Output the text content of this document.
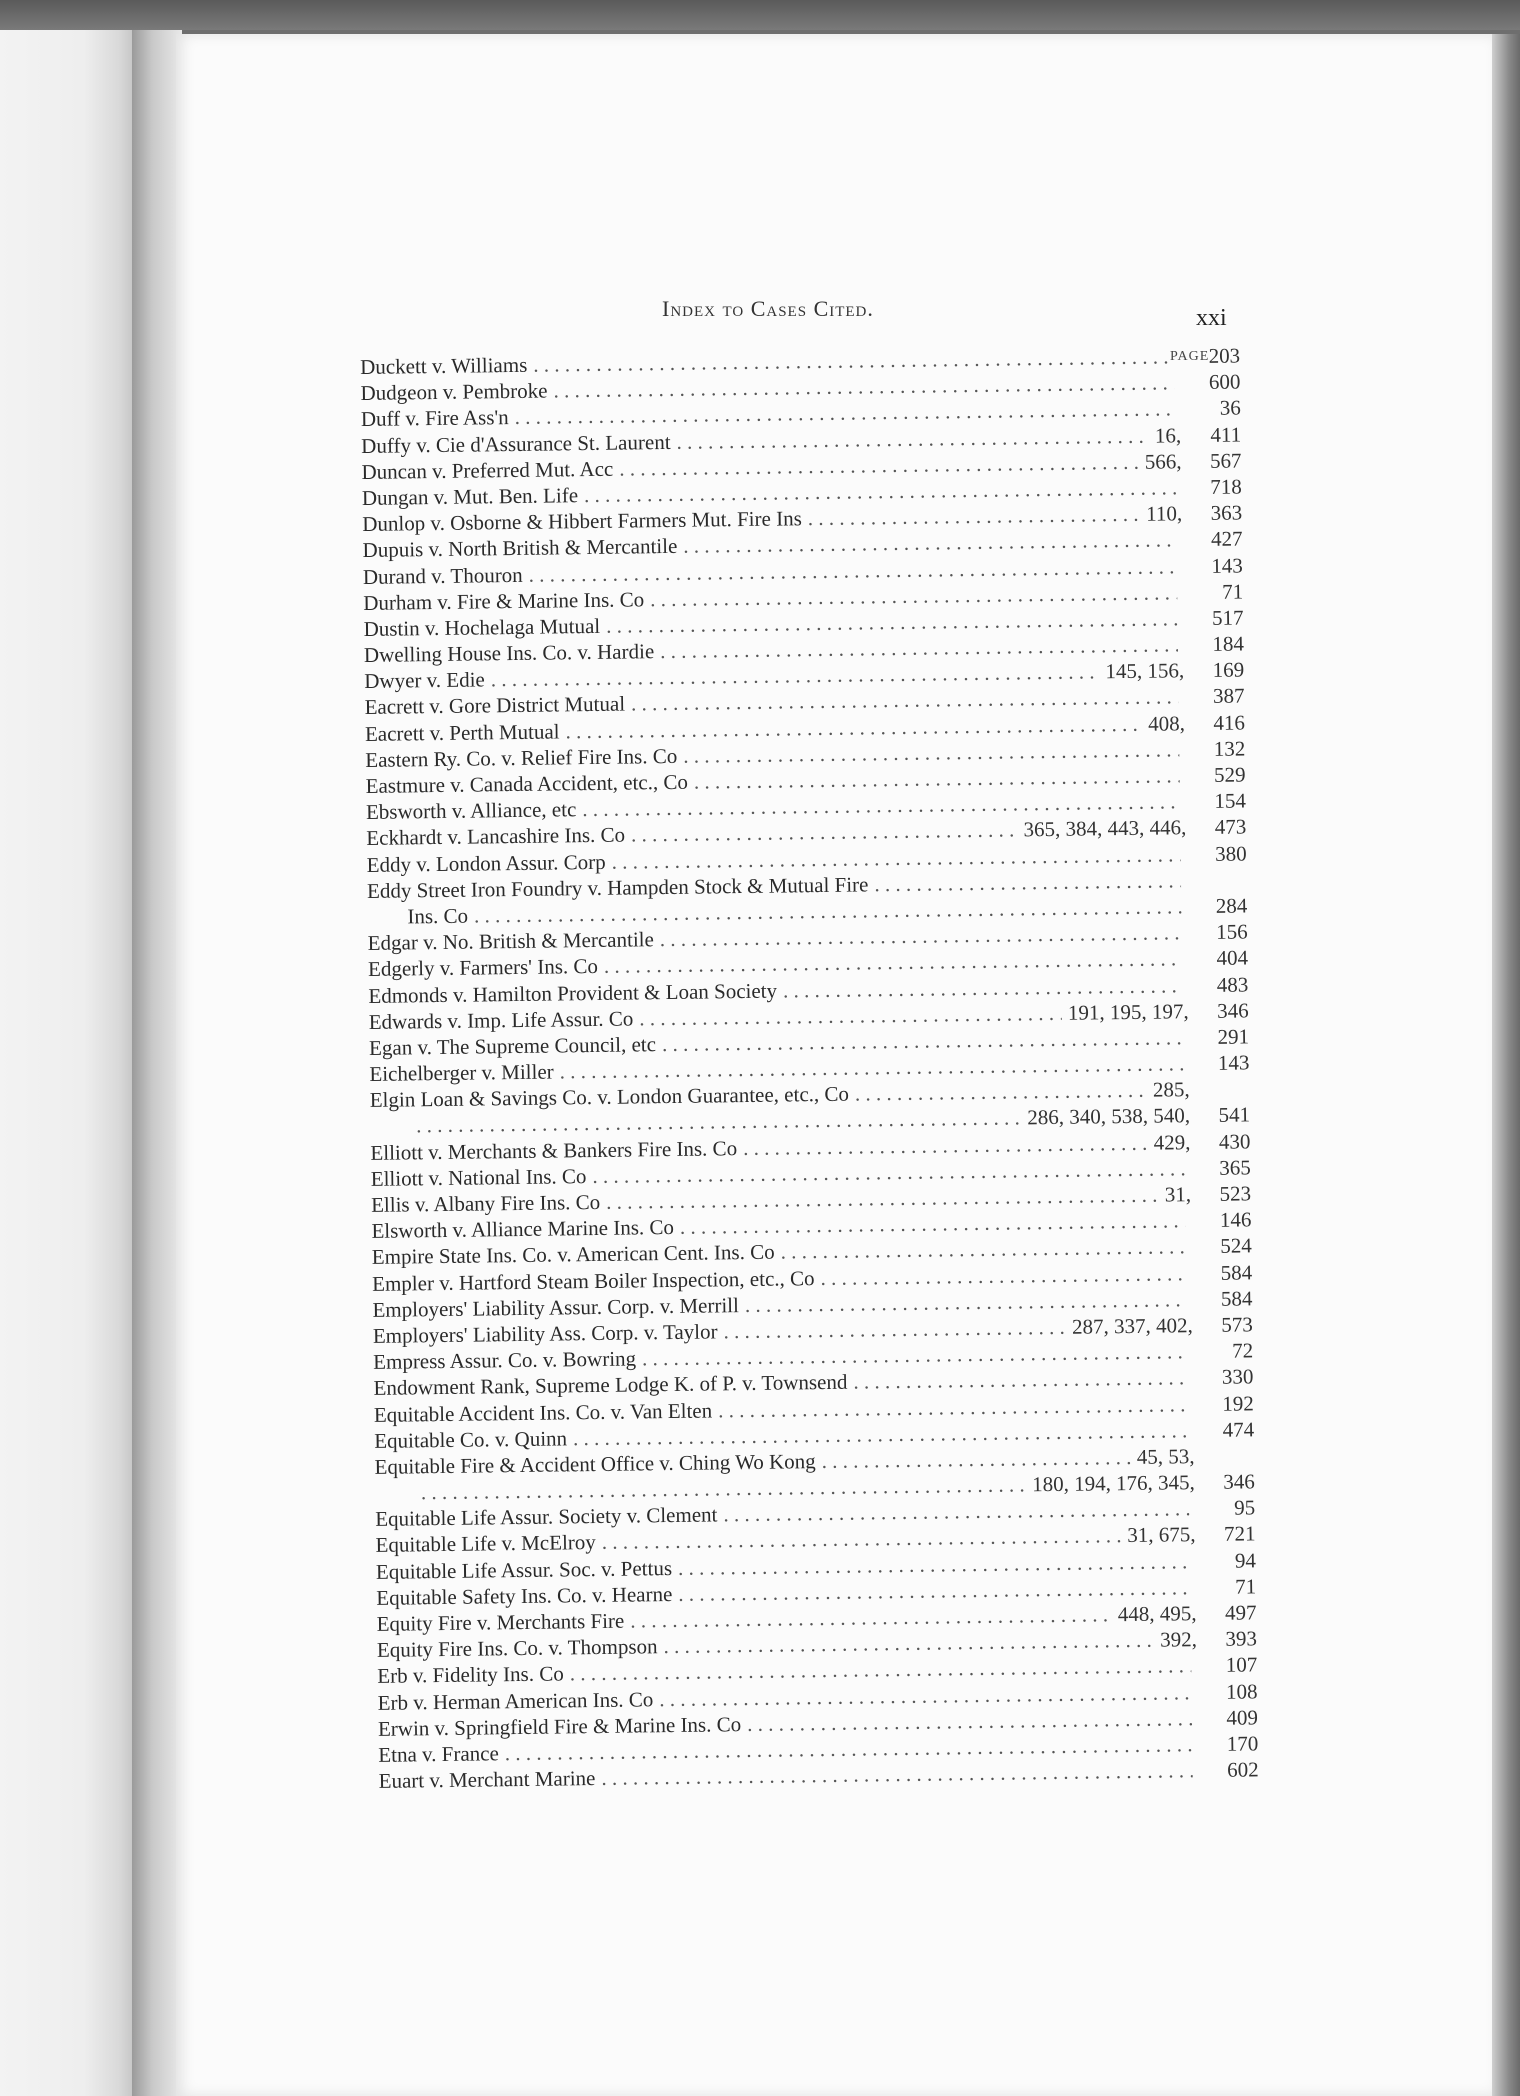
Index to Cases Cited.	xxi
PAGE
Duckett v. Williams . . .	203
Dudgeon v. Pembroke . . .	600
Duff v. Fire Ass'n . . .	36
Duffy v. Cie d'Assurance St. Laurent . . .	16,	411
Duncan v. Preferred Mut. Acc . . .	566,	567
Dungan v. Mut. Ben. Life . . .	718
Dunlop v. Osborne & Hibbert Farmers Mut. Fire Ins . . .	110,	363
Dupuis v. North British & Mercantile . . .	427
Durand v. Thouron . . .	143
Durham v. Fire & Marine Ins. Co . . .	71
Dustin v. Hochelaga Mutual . . .	517
Dwelling House Ins. Co. v. Hardie . . .	184
Dwyer v. Edie . . .	145, 156,	169
Eacrett v. Gore District Mutual . . .	387
Eacrett v. Perth Mutual . . .	408,	416
Eastern Ry. Co. v. Relief Fire Ins. Co . . .	132
Eastmure v. Canada Accident, etc., Co . . .	529
Ebsworth v. Alliance, etc . . .	154
Eckhardt v. Lancashire Ins. Co . . .	365, 384, 443, 446,	473
Eddy v. London Assur. Corp . . .	380
Eddy Street Iron Foundry v. Hampden Stock & Mutual Fire
. . .
Ins. Co . . .	284
Edgar v. No. British & Mercantile . . .	156
Edgerly v. Farmers' Ins. Co . . .	404
Edmonds v. Hamilton Provident & Loan Society . . .	483
Edwards v. Imp. Life Assur. Co . . .	191, 195, 197,	346
Egan v. The Supreme Council, etc . . .	291
Eichelberger v. Miller . . .	143
Elgin Loan & Savings Co. v. London Guarantee, etc., Co . . .	285,
. . .
286, 340, 538, 540,	541
Elliott v. Merchants & Bankers Fire Ins. Co . . .	429,	430
Elliott v. National Ins. Co . . .	365
Ellis v. Albany Fire Ins. Co . . .	31,	523
Elsworth v. Alliance Marine Ins. Co . . .	146
Empire State Ins. Co. v. American Cent. Ins. Co . . .	524
Empler v. Hartford Steam Boiler Inspection, etc., Co . . .	584
Employers' Liability Assur. Corp. v. Merrill . . .	584
Employers' Liability Ass. Corp. v. Taylor . . .	287, 337, 402,	573
Empress Assur. Co. v. Bowring . . .	72
Endowment Rank, Supreme Lodge K. of P. v. Townsend . . .	330
Equitable Accident Ins. Co. v. Van Elten . . .	192
Equitable Co. v. Quinn . . .	474
Equitable Fire & Accident Office v. Ching Wo Kong . . .	45, 53,
. . .
180, 194, 176, 345,	346
Equitable Life Assur. Society v. Clement . . .	95
Equitable Life v. McElroy . . .	31, 675,	721
Equitable Life Assur. Soc. v. Pettus . . .	94
Equitable Safety Ins. Co. v. Hearne . . .	71
Equity Fire v. Merchants Fire . . .	448, 495,	497
Equity Fire Ins. Co. v. Thompson . . .	392,	393
Erb v. Fidelity Ins. Co . . .	107
Erb v. Herman American Ins. Co . . .	108
Erwin v. Springfield Fire & Marine Ins. Co . . .	409
Etna v. France . . .	170
Euart v. Merchant Marine . . .	602
